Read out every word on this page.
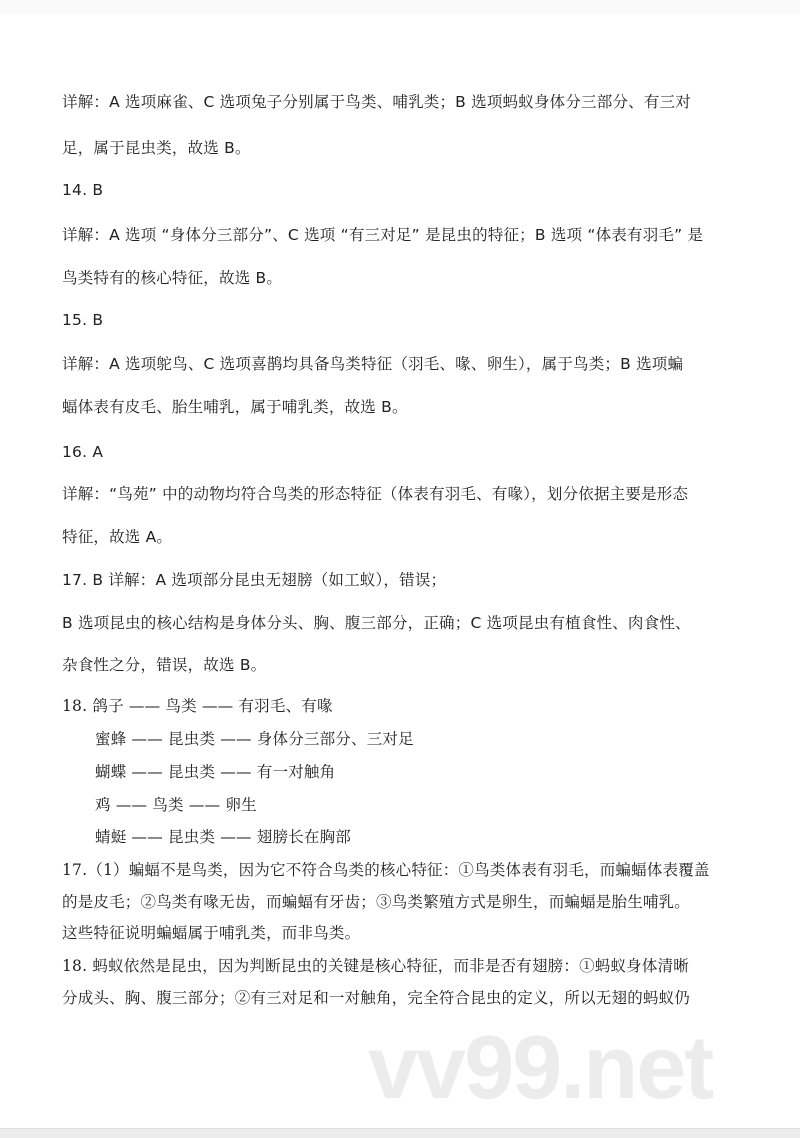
详解：A 选项麻雀、C 选项兔子分别属于鸟类、哺乳类；B 选项蚂蚁身体分三部分、有三对
足，属于昆虫类，故选 B。
14. B
详解：A 选项 “身体分三部分”、C 选项 “有三对足” 是昆虫的特征；B 选项 “体表有羽毛” 是
鸟类特有的核心特征，故选 B。
15. B
详解：A 选项鸵鸟、C 选项喜鹊均具备鸟类特征（羽毛、喙、卵生），属于鸟类；B 选项蝙
蝠体表有皮毛、胎生哺乳，属于哺乳类，故选 B。
16. A
详解：“鸟苑” 中的动物均符合鸟类的形态特征（体表有羽毛、有喙），划分依据主要是形态
特征，故选 A。
17. B 详解：A 选项部分昆虫无翅膀（如工蚁），错误；
B 选项昆虫的核心结构是身体分头、胸、腹三部分，正确；C 选项昆虫有植食性、肉食性、
杂食性之分，错误，故选 B。
18. 鸽子 —— 鸟类 —— 有羽毛、有喙
蜜蜂 —— 昆虫类 —— 身体分三部分、三对足
蝴蝶 —— 昆虫类 —— 有一对触角
鸡 —— 鸟类 —— 卵生
蜻蜓 —— 昆虫类 —— 翅膀长在胸部
17.（1）蝙蝠不是鸟类，因为它不符合鸟类的核心特征：①鸟类体表有羽毛，而蝙蝠体表覆盖
的是皮毛；②鸟类有喙无齿，而蝙蝠有牙齿；③鸟类繁殖方式是卵生，而蝙蝠是胎生哺乳。
这些特征说明蝙蝠属于哺乳类，而非鸟类。
18. 蚂蚁依然是昆虫，因为判断昆虫的关键是核心特征，而非是否有翅膀：①蚂蚁身体清晰
分成头、胸、腹三部分；②有三对足和一对触角，完全符合昆虫的定义，所以无翅的蚂蚁仍
vv99.net
